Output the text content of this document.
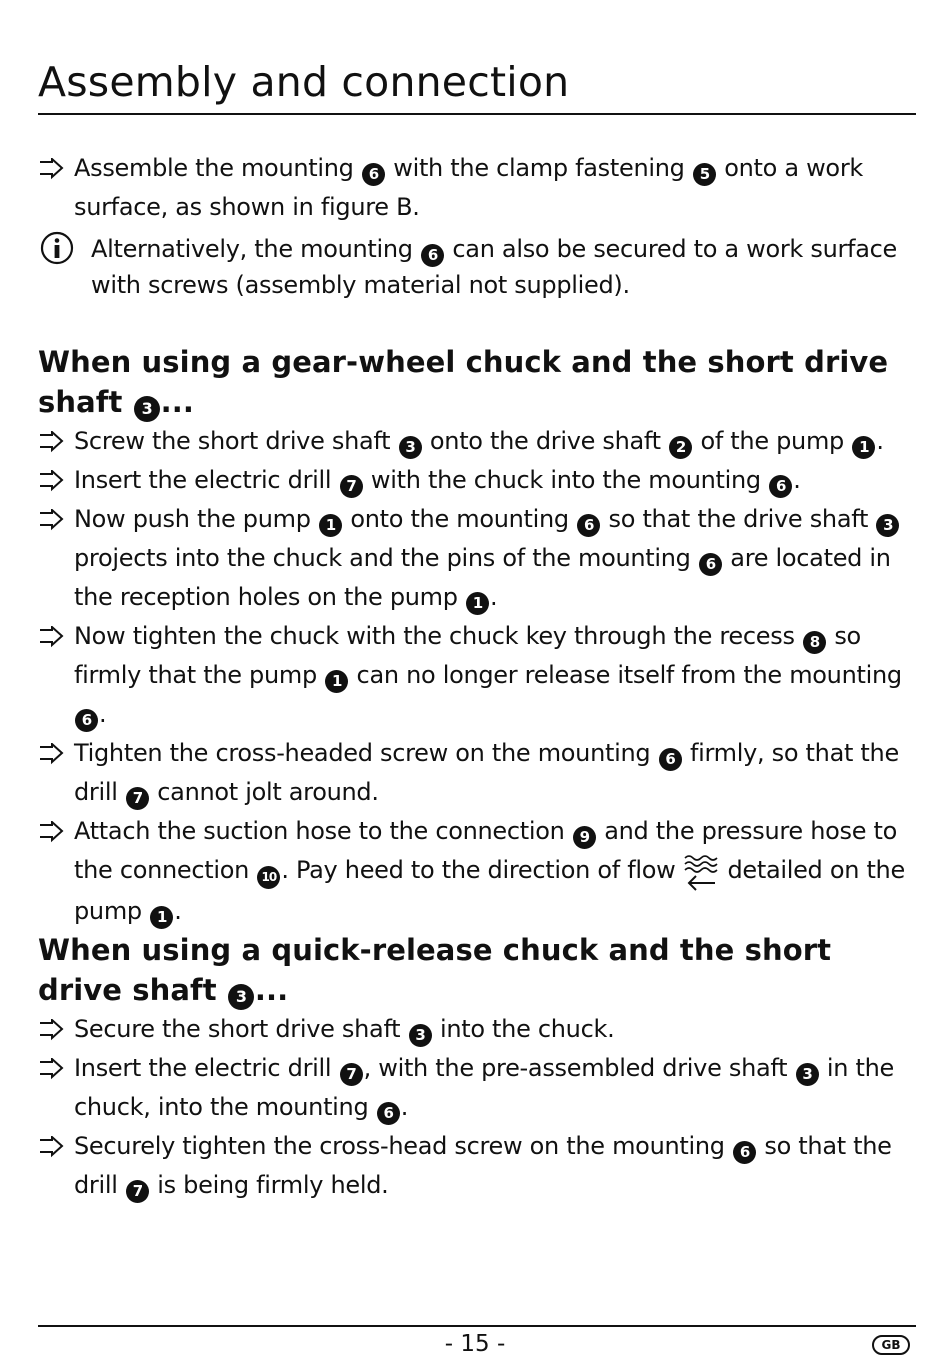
Assembly and connection
Assemble the mounting 6 with the clamp fastening 5 onto a work surface, as shown in figure B.
Alternatively, the mounting 6 can also be secured to a work surface with screws (assembly material not supplied).
When using a gear-wheel chuck and the short drive shaft 3 ...
Screw the short drive shaft 3 onto the drive shaft 2 of the pump 1 .
Insert the electric drill 7 with the chuck into the mounting 6 .
Now push the pump 1 onto the mounting 6 so that the drive shaft 3 projects into the chuck and the pins of the mounting 6 are located in the reception holes on the pump 1 .
Now tighten the chuck with the chuck key through the recess 8 so firmly that the pump 1 can no longer release itself from the mounting 6 .
Tighten the cross-headed screw on the mounting 6 firmly, so that the drill 7 cannot jolt around.
Attach the suction hose to the connection 9 and the pressure hose to the connection 10 . Pay heed to the direction of flow detailed on the pump 1 .
When using a quick-release chuck and the short drive shaft 3 ...
Secure the short drive shaft 3 into the chuck.
Insert the electric drill 7 , with the pre-assembled drive shaft 3 in the chuck, into the mounting 6 .
Securely tighten the cross-head screw on the mounting 6 so that the drill 7 is being firmly held.
- 15 -	GB
